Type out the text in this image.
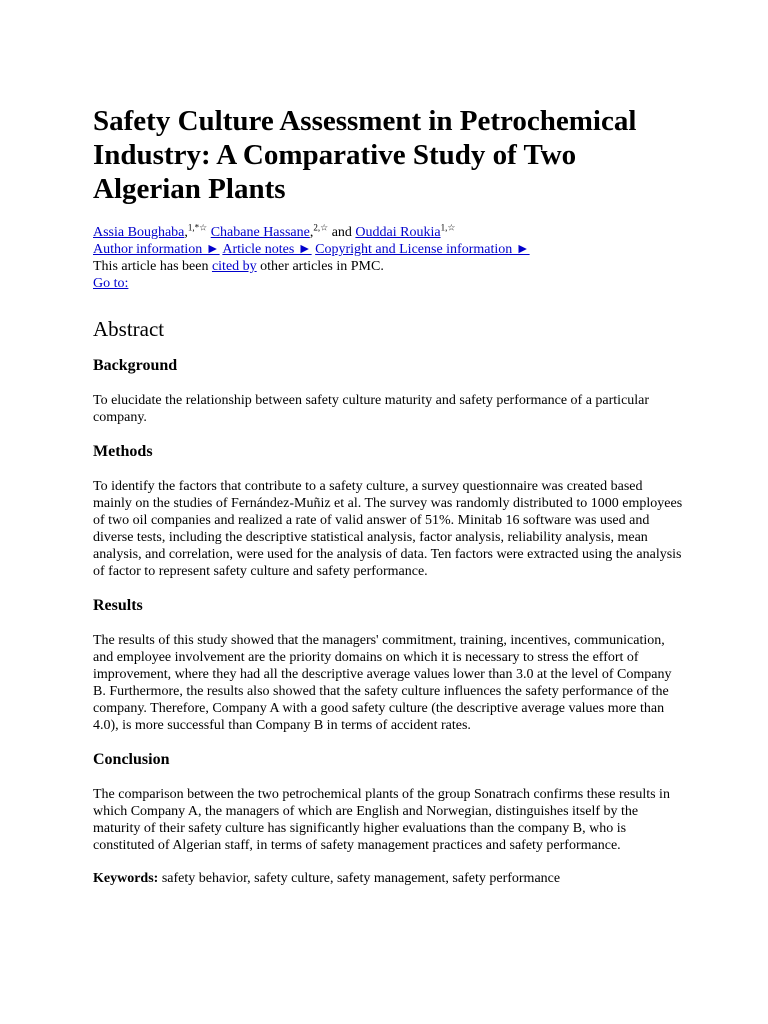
Safety Culture Assessment in Petrochemical Industry: A Comparative Study of Two Algerian Plants
Assia Boughaba,$^{1,*☆}$ Chabane Hassane,$^{2,☆}$ and Ouddai Roukia$^{1,☆}$
Author information ► Article notes ► Copyright and License information ►
This article has been cited by other articles in PMC.
Go to:
Abstract
Background

To elucidate the relationship between safety culture maturity and safety performance of a particular company.

Methods

To identify the factors that contribute to a safety culture, a survey questionnaire was created based mainly on the studies of Fernández-Muñiz et al. The survey was randomly distributed to 1000 employees of two oil companies and realized a rate of valid answer of 51%. Minitab 16 software was used and diverse tests, including the descriptive statistical analysis, factor analysis, reliability analysis, mean analysis, and correlation, were used for the analysis of data. Ten factors were extracted using the analysis of factor to represent safety culture and safety performance.

Results

The results of this study showed that the managers' commitment, training, incentives, communication, and employee involvement are the priority domains on which it is necessary to stress the effort of improvement, where they had all the descriptive average values lower than 3.0 at the level of Company B. Furthermore, the results also showed that the safety culture influences the safety performance of the company. Therefore, Company A with a good safety culture (the descriptive average values more than 4.0), is more successful than Company B in terms of accident rates.

Conclusion

The comparison between the two petrochemical plants of the group Sonatrach confirms these results in which Company A, the managers of which are English and Norwegian, distinguishes itself by the maturity of their safety culture has significantly higher evaluations than the company B, who is constituted of Algerian staff, in terms of safety management practices and safety performance.

Keywords: safety behavior, safety culture, safety management, safety performance
